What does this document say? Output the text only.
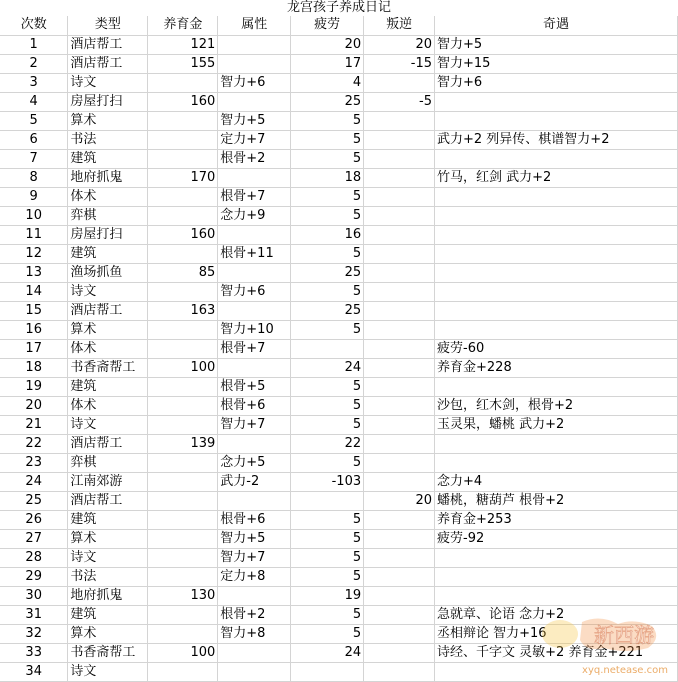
龙宫孩子养成日记
次数	类型	养育金	属性	疲劳	叛逆	奇遇
1	酒店帮工	121		20	20	智力+5
2	酒店帮工	155		17	-15	智力+15
3	诗文		智力+6	4		智力+6
4	房屋打扫	160		25	-5	
5	算术		智力+5	5		
6	书法		定力+7	5		武力+2 列异传、棋谱智力+2
7	建筑		根骨+2	5		
8	地府抓鬼	170		18		竹马，红剑 武力+2
9	体术		根骨+7	5		
10	弈棋		念力+9	5		
11	房屋打扫	160		16		
12	建筑		根骨+11	5		
13	渔场抓鱼	85		25		
14	诗文		智力+6	5		
15	酒店帮工	163		25		
16	算术		智力+10	5		
17	体术		根骨+7			疲劳-60
18	书香斋帮工	100		24		养育金+228
19	建筑		根骨+5	5		
20	体术		根骨+6	5		沙包，红木剑，根骨+2
21	诗文		智力+7	5		玉灵果，蟠桃 武力+2
22	酒店帮工	139		22		
23	弈棋		念力+5	5		
24	江南郊游		武力-2	-103		念力+4
25	酒店帮工				20	蟠桃，糖葫芦 根骨+2
26	建筑		根骨+6	5		养育金+253
27	算术		智力+5	5		疲劳-92
28	诗文		智力+7	5		
29	书法		定力+8	5		
30	地府抓鬼	130		19		
31	建筑		根骨+2	5		急就章、论语 念力+2
32	算术		智力+8	5		丞相辩论 智力+16
33	书香斋帮工	100		24		诗经、千字文 灵敏+2 养育金+221
34	诗文					
新西游
xyq.netease.com
